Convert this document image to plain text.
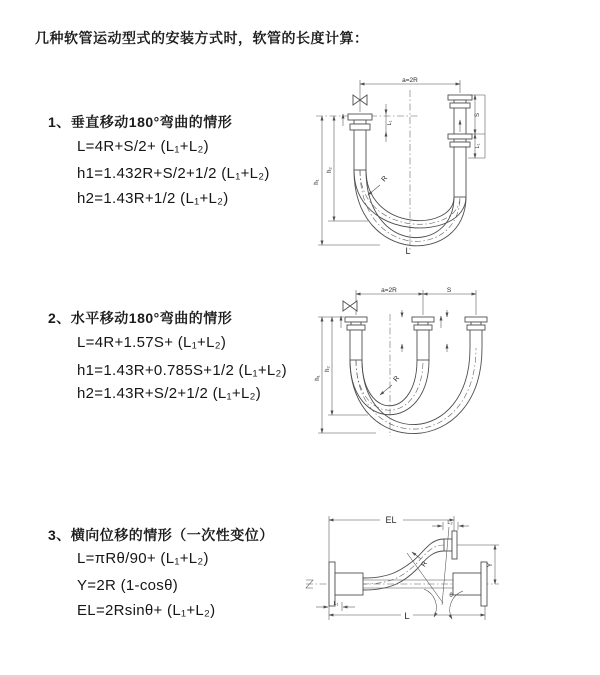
几种软管运动型式的安装方式时，软管的长度计算：
1、垂直移动180°弯曲的情形
L=4R+S/2+ (L₁+L₂)
h1=1.432R+S/2+1/2 (L₁+L₂)
h2=1.43R+1/2 (L₁+L₂)
2、水平移动180°弯曲的情形
L=4R+1.57S+ (L₁+L₂)
h1=1.43R+0.785S+1/2 (L₁+L₂)
h2=1.43R+S/2+1/2 (L₁+L₂)
3、横向位移的情形（一次性变位）
L=πRθ/90+ (L₁+L₂)
Y=2R (1-cosθ)
EL=2Rsinθ+ (L₁+L₂)
a=2R
h₁
h₂
L₁
S
L₁
R
L
a=2R	S
h₁
h₂
R
θ
R
EL	L₂
Y
L
L₁
